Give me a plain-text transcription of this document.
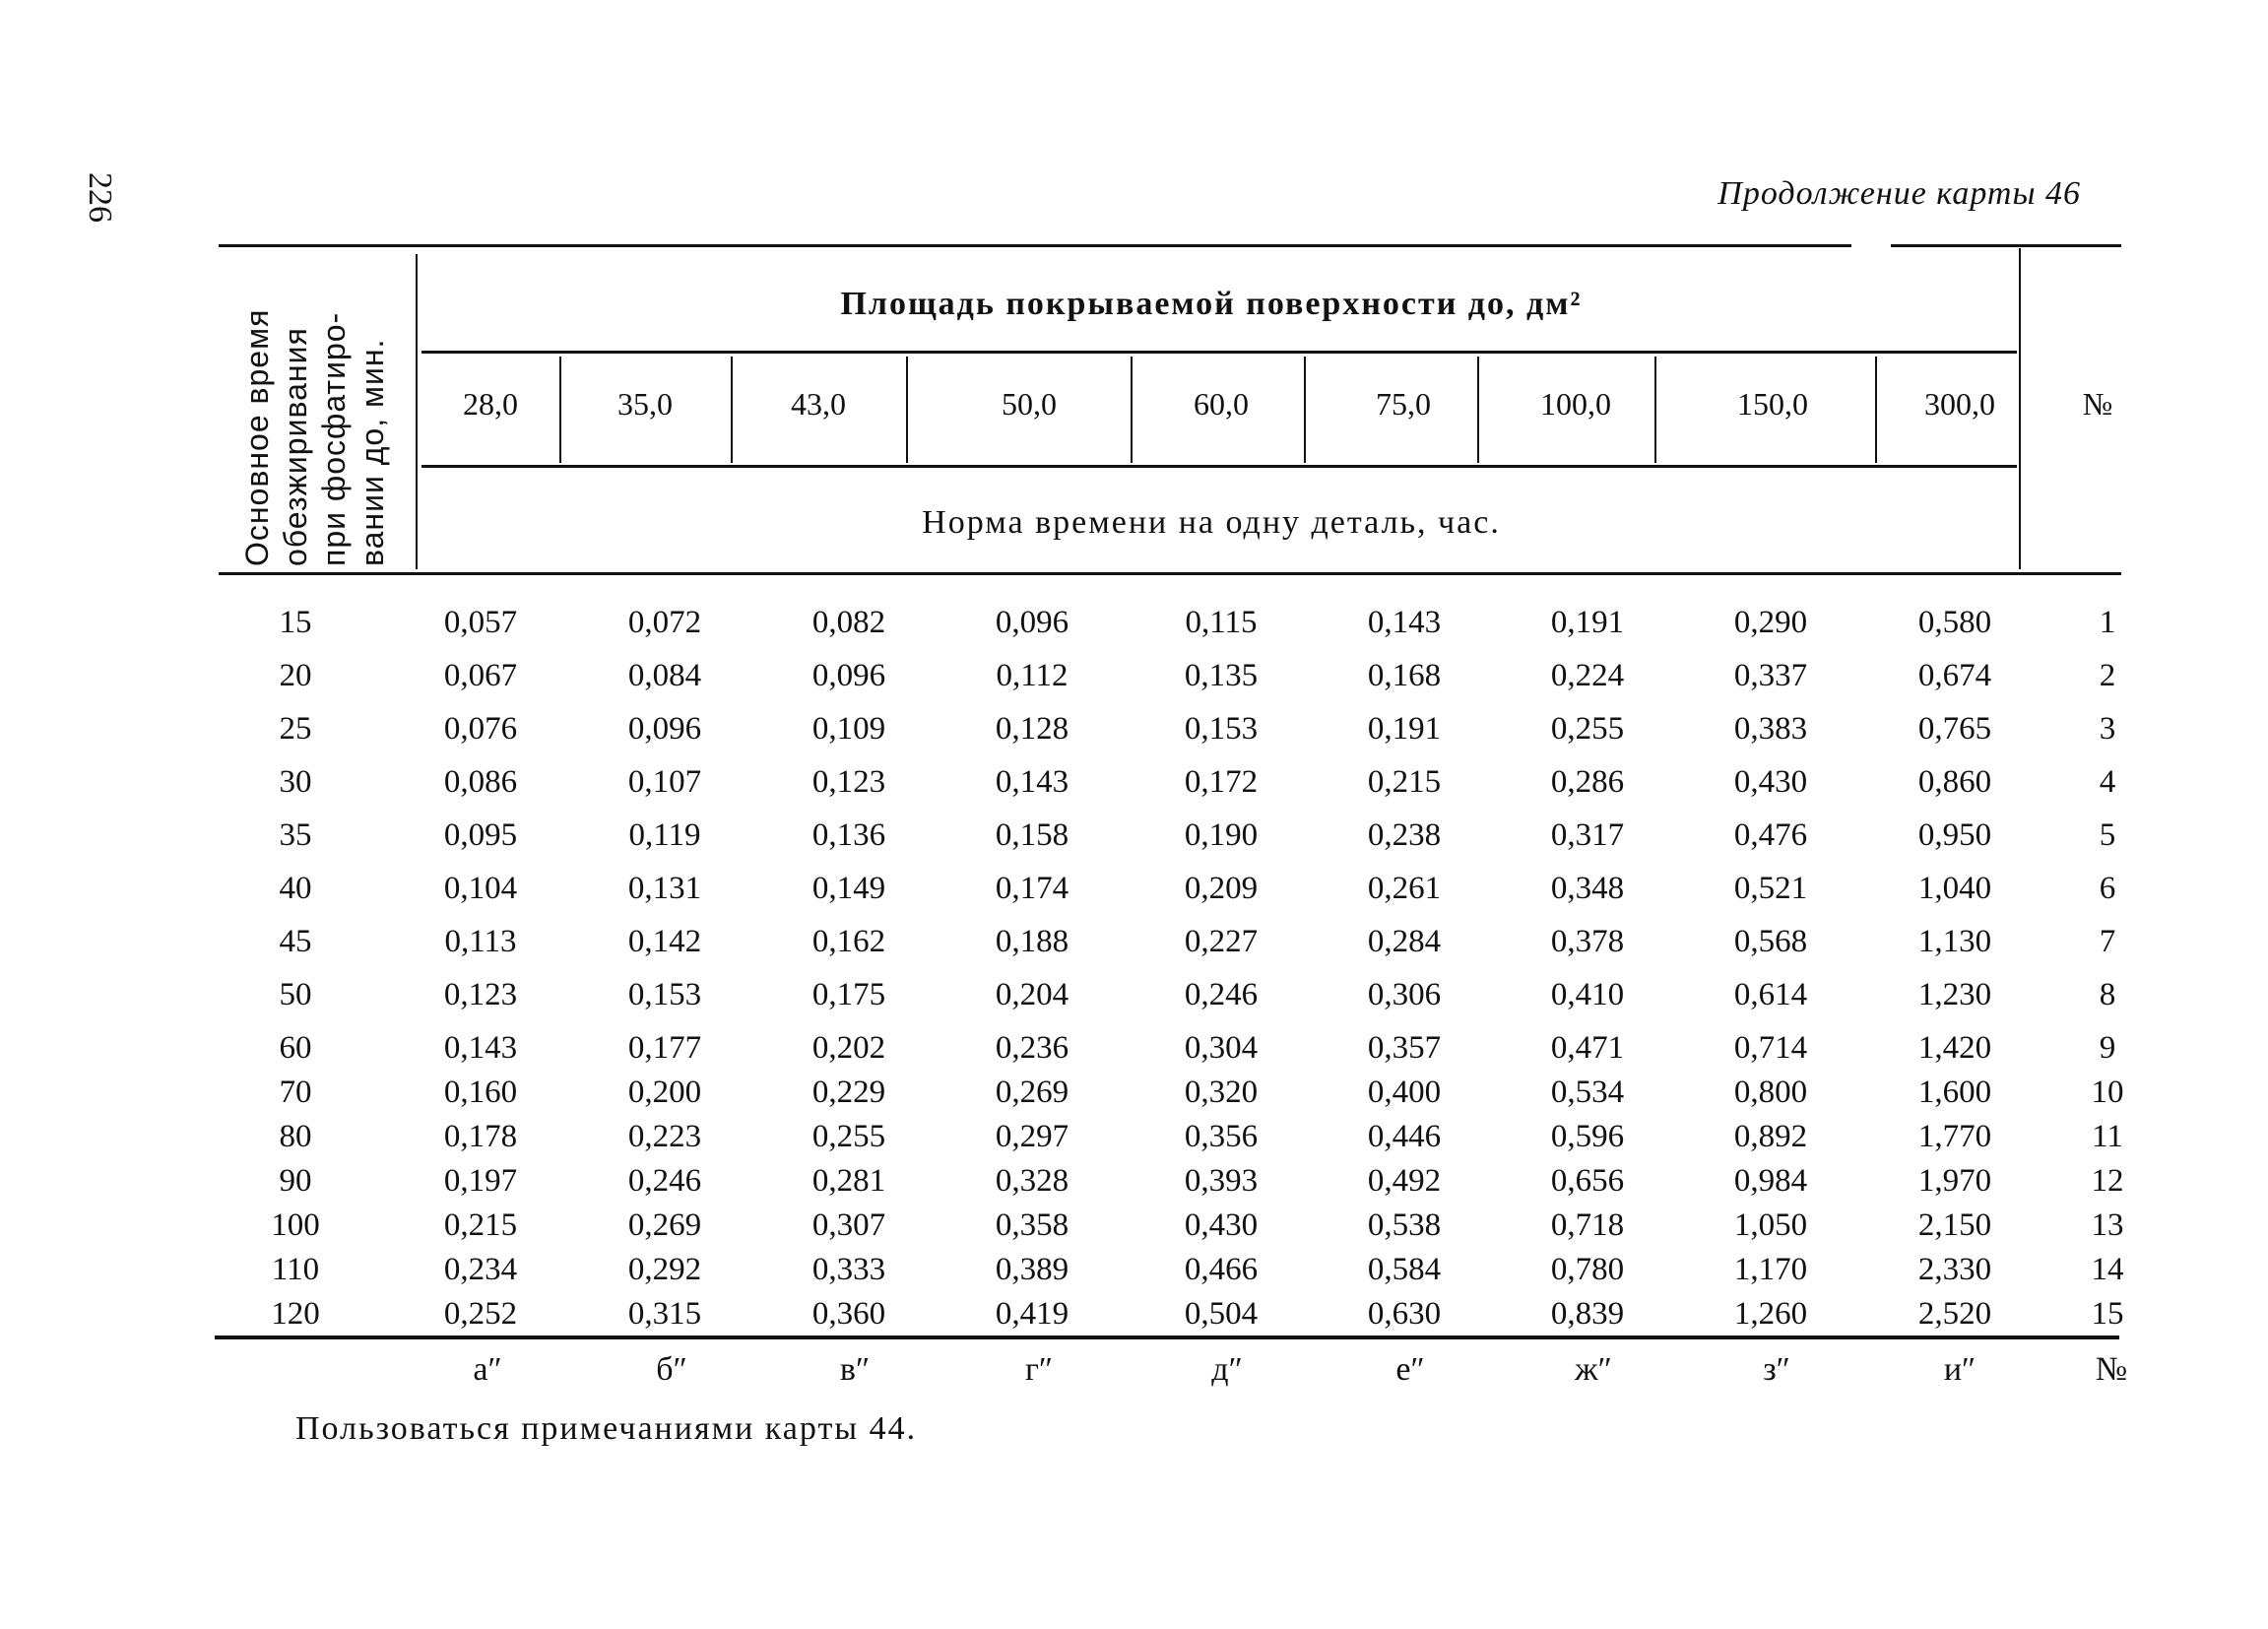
226	Продолжение карты 46
Основное время обезжиривания при фосфатиро- вании до, мин.
Площадь покрываемой поверхности до, дм²
28,0	35,0	43,0	50,0	60,0	75,0	100,0	150,0	300,0	№
Норма времени на одну деталь, час.
15	0,057	0,072	0,082	0,096	0,115	0,143	0,191	0,290	0,580	1
20	0,067	0,084	0,096	0,112	0,135	0,168	0,224	0,337	0,674	2
25	0,076	0,096	0,109	0,128	0,153	0,191	0,255	0,383	0,765	3
30	0,086	0,107	0,123	0,143	0,172	0,215	0,286	0,430	0,860	4
35	0,095	0,119	0,136	0,158	0,190	0,238	0,317	0,476	0,950	5
40	0,104	0,131	0,149	0,174	0,209	0,261	0,348	0,521	1,040	6
45	0,113	0,142	0,162	0,188	0,227	0,284	0,378	0,568	1,130	7
50	0,123	0,153	0,175	0,204	0,246	0,306	0,410	0,614	1,230	8
60	0,143	0,177	0,202	0,236	0,304	0,357	0,471	0,714	1,420	9
70	0,160	0,200	0,229	0,269	0,320	0,400	0,534	0,800	1,600	10
80	0,178	0,223	0,255	0,297	0,356	0,446	0,596	0,892	1,770	11
90	0,197	0,246	0,281	0,328	0,393	0,492	0,656	0,984	1,970	12
100	0,215	0,269	0,307	0,358	0,430	0,538	0,718	1,050	2,150	13
110	0,234	0,292	0,333	0,389	0,466	0,584	0,780	1,170	2,330	14
120	0,252	0,315	0,360	0,419	0,504	0,630	0,839	1,260	2,520	15
а″	б″	в″	г″	д″	е″	ж″	з″	и″	№
Пользоваться примечаниями карты 44.
